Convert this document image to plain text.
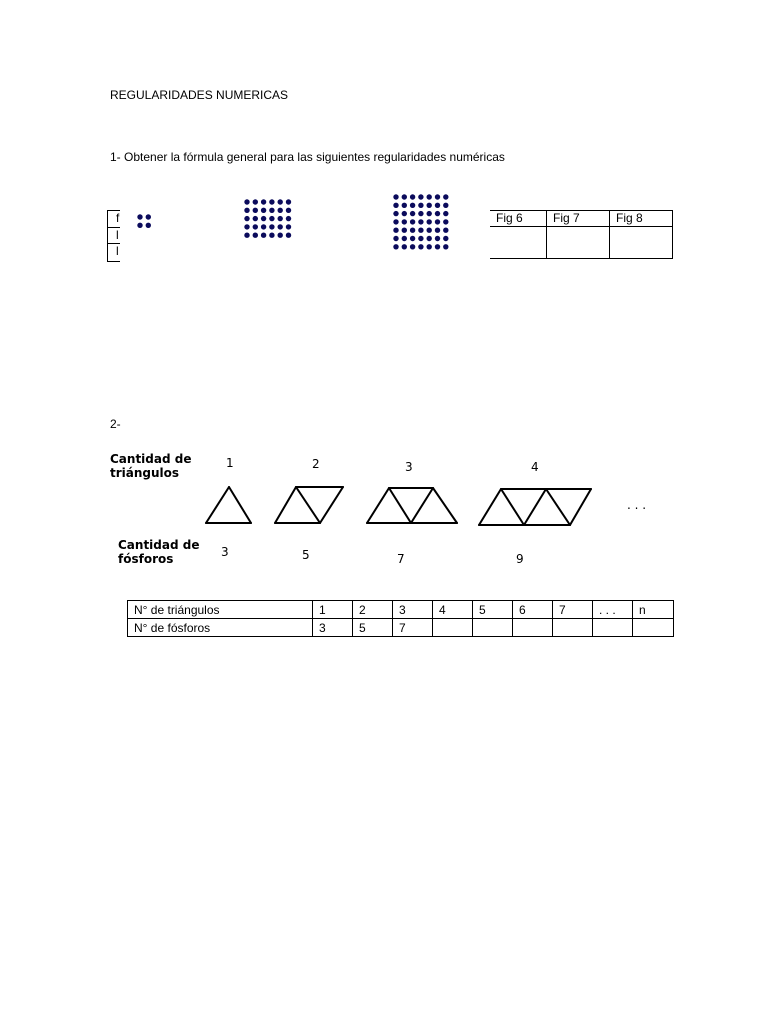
REGULARIDADES NUMERICAS
1- Obtener la fórmula general para las siguientes regularidades numéricas
f
l
l
Fig 6	Fig 7	Fig 8

2-
Cantidad de
triángulos
Cantidad de
fósforos
1	2	3	4
3	5	7	9
. . .
N° de triángulos	1	2	3	4	5	6	7	. . .	n
N° de fósforos	3	5	7						
